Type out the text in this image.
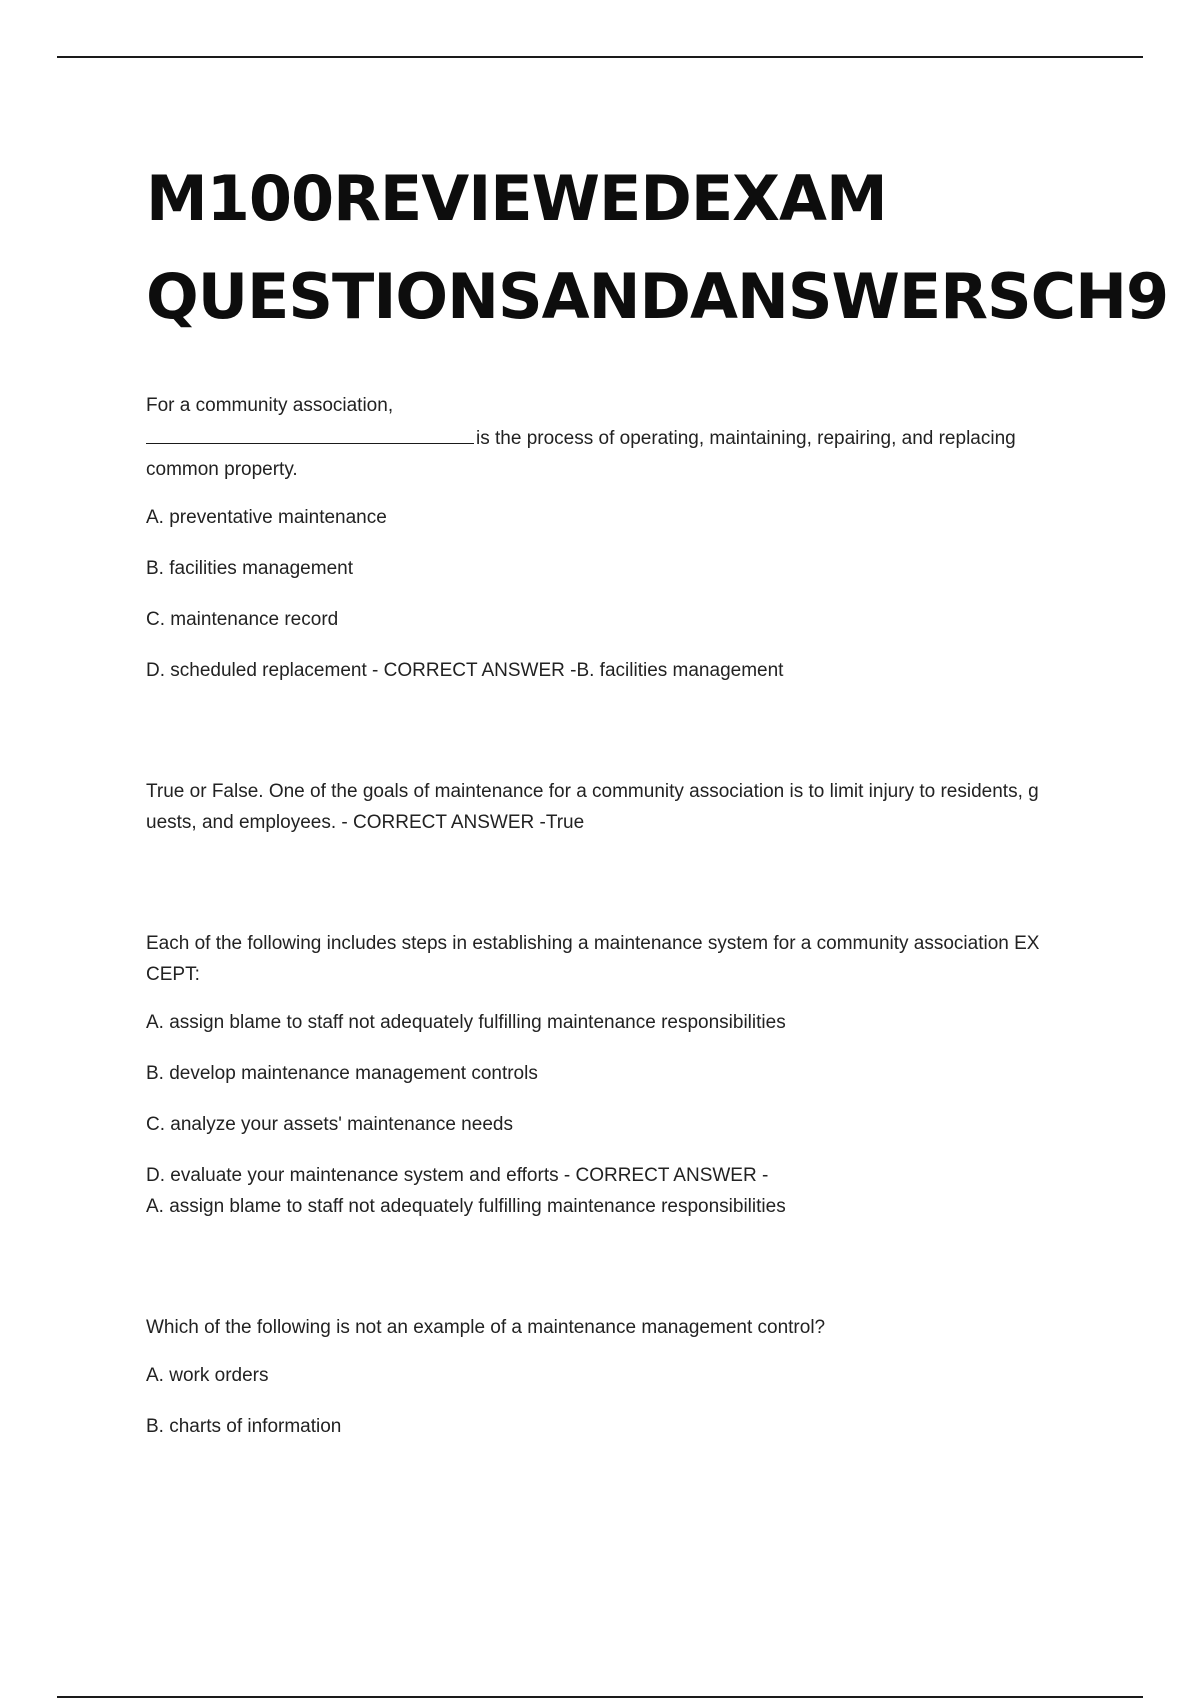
M100REVIEWEDEXAM
QUESTIONSANDANSWERSCH9

For a community association,

is the process of operating, maintaining, repairing, and replacing

common property.

A. preventative maintenance

B. facilities management

C. maintenance record

D. scheduled replacement - CORRECT ANSWER -B. facilities management

True or False. One of the goals of maintenance for a community association is to limit injury to residents, g

uests, and employees. - CORRECT ANSWER -True

Each of the following includes steps in establishing a maintenance system for a community association EX

CEPT:

A. assign blame to staff not adequately fulfilling maintenance responsibilities

B. develop maintenance management controls

C. analyze your assets' maintenance needs

D. evaluate your maintenance system and efforts - CORRECT ANSWER -

A. assign blame to staff not adequately fulfilling maintenance responsibilities

Which of the following is not an example of a maintenance management control?

A. work orders

B. charts of information
